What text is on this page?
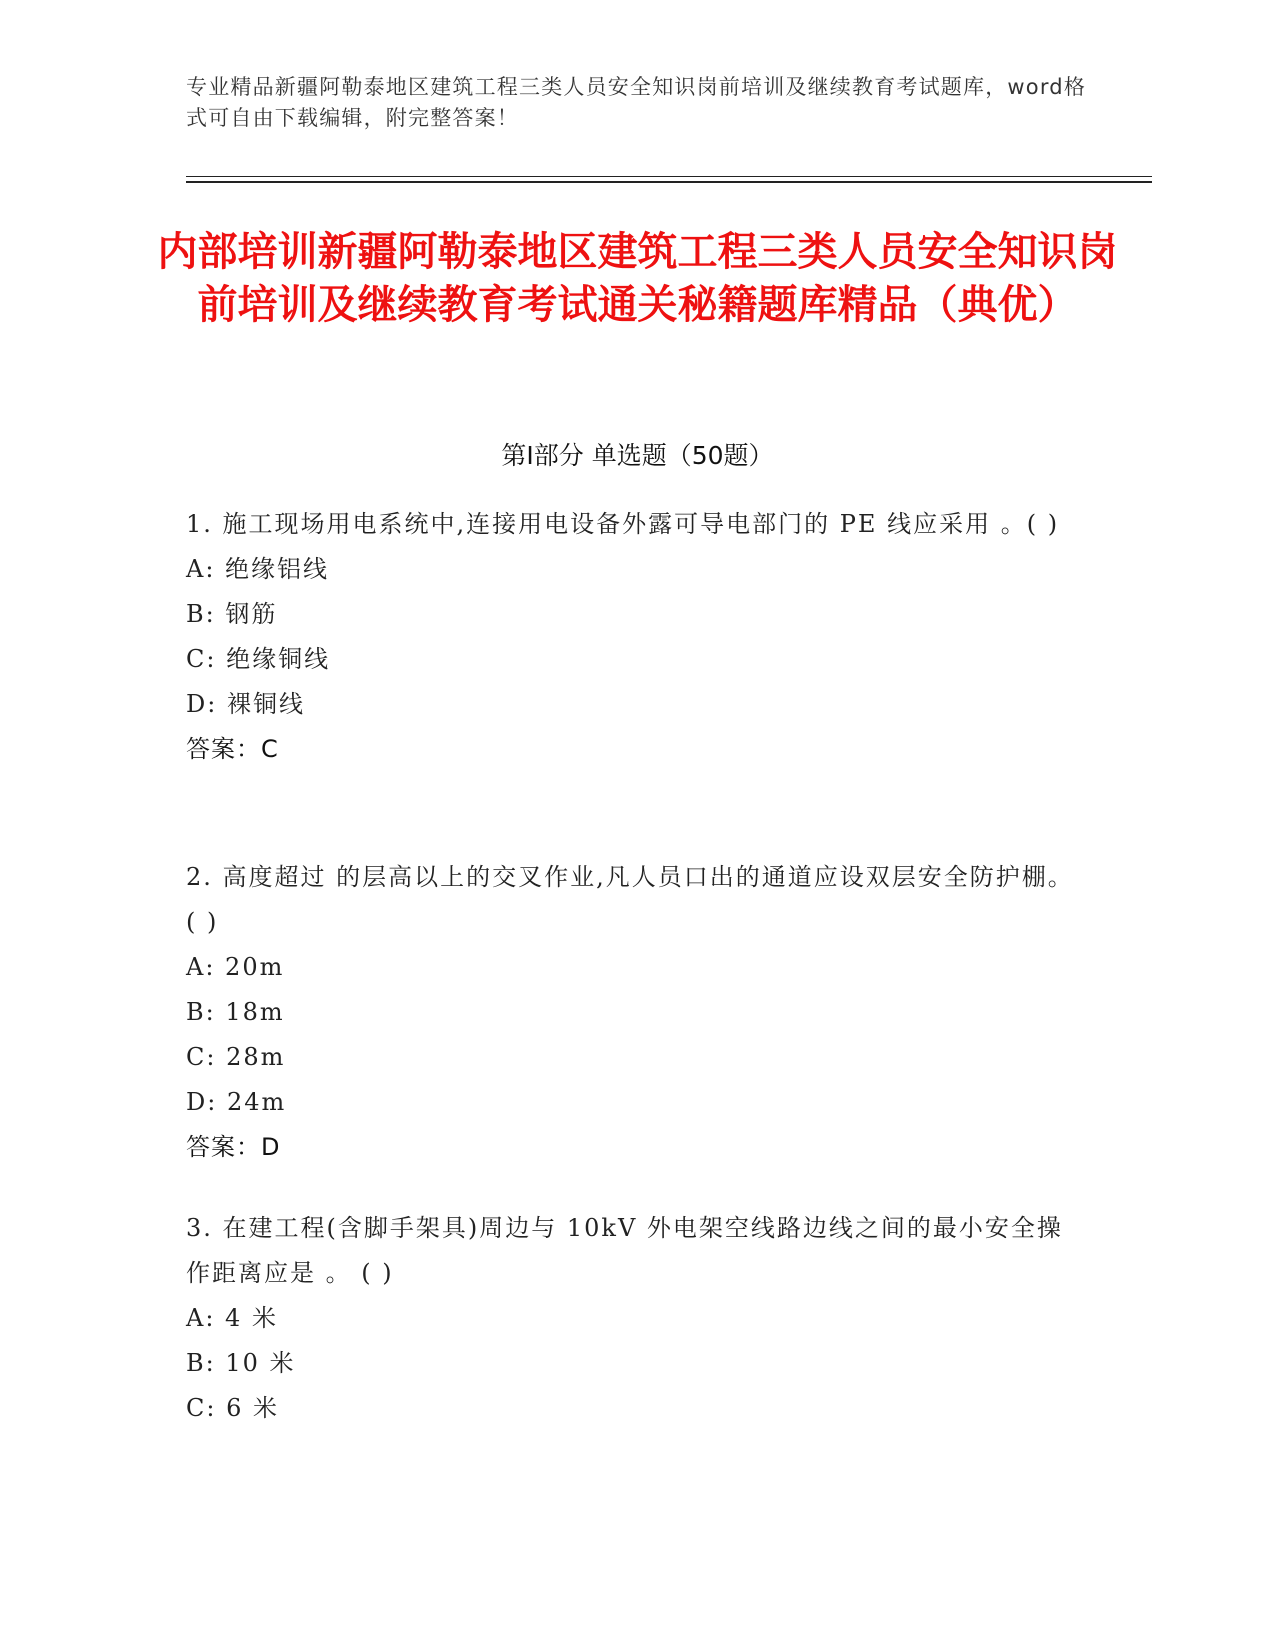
专业精品新疆阿勒泰地区建筑工程三类人员安全知识岗前培训及继续教育考试题库，word格式可自由下载编辑，附完整答案！
内部培训新疆阿勒泰地区建筑工程三类人员安全知识岗前培训及继续教育考试通关秘籍题库精品（典优）
第Ⅰ部分 单选题（50题）
1. 施工现场用电系统中,连接用电设备外露可导电部门的 PE 线应采用 。( )
A: 绝缘铝线
B: 钢筋
C: 绝缘铜线
D: 裸铜线
答案：C
2. 高度超过 的层高以上的交叉作业,凡人员口出的通道应设双层安全防护棚。( )
A: 20m
B: 18m
C: 28m
D: 24m
答案：D
3. 在建工程(含脚手架具)周边与 10kV 外电架空线路边线之间的最小安全操作距离应是 。 ( )
A: 4 米
B: 10 米
C: 6 米
